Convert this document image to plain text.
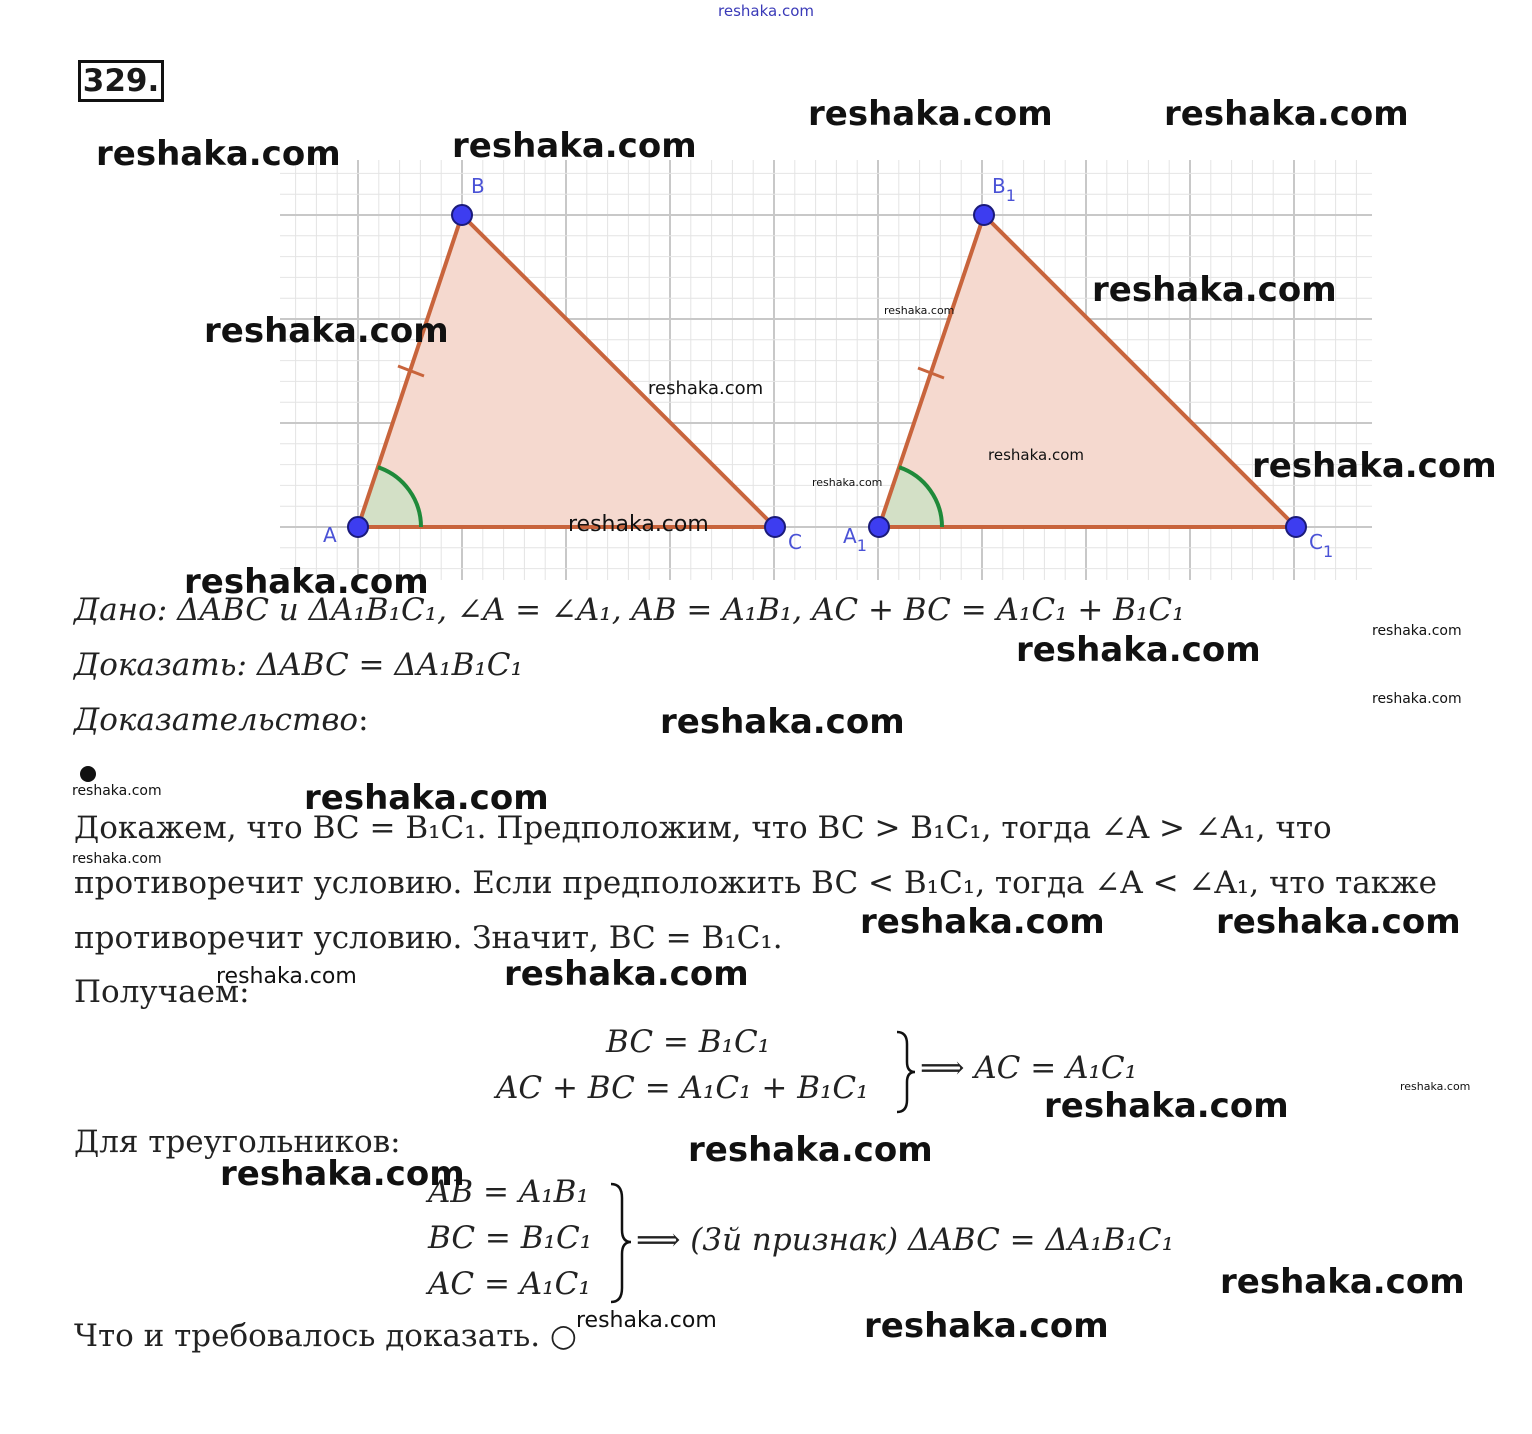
reshaka.com
329.
A
B
C $A_1$
$B_1$
$C_1$
Дано: ΔABC и ΔA₁B₁C₁, ∠A = ∠A₁, AB = A₁B₁, AC + BC = A₁C₁ + B₁C₁
Доказать: ΔABC = ΔA₁B₁C₁
Доказательство:
Докажем, что BC = B₁C₁. Предположим, что BC > B₁C₁, тогда ∠A > ∠A₁, что
противоречит условию. Если предположить BC < B₁C₁, тогда ∠A < ∠A₁, что также
противоречит условию. Значит, BC = B₁C₁.
Получаем:
BC = B₁C₁
AC + BC = A₁C₁ + B₁C₁
⟹ AC = A₁C₁
Для треугольников:
AB = A₁B₁
BC = B₁C₁
AC = A₁C₁
⟹ (3й признак) ΔABC = ΔA₁B₁C₁
Что и требовалось доказать. ○
reshaka.com	reshaka.com
reshaka.com	reshaka.com
reshaka.com
reshaka.com
reshaka.com
reshaka.com
reshaka.com
reshaka.com	reshaka.com
reshaka.com
reshaka.com
reshaka.com
reshaka.com
reshaka.com
reshaka.com
reshaka.com	reshaka.com
reshaka.com
reshaka.com	reshaka.com
reshaka.com	reshaka.com
reshaka.com
reshaka.com
reshaka.com
reshaka.com
reshaka.com
reshaka.com	reshaka.com
